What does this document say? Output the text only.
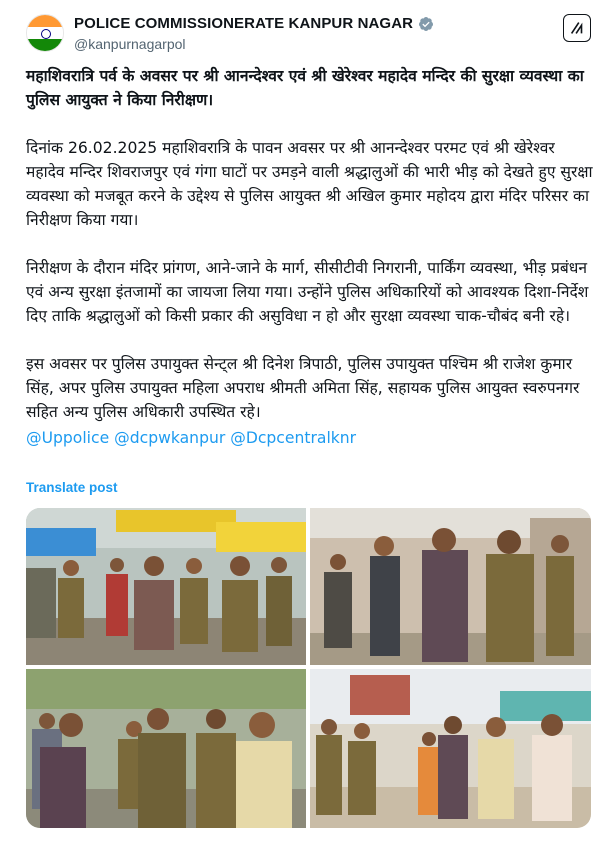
POLICE COMMISSIONERATE KANPUR NAGAR
@kanpurnagarpol

महाशिवरात्रि पर्व के अवसर पर श्री आनन्देश्वर एवं श्री खेरेश्वर महादेव मन्दिर की सुरक्षा व्यवस्था का पुलिस आयुक्त ने किया निरीक्षण।

दिनांक 26.02.2025 महाशिवरात्रि के पावन अवसर पर श्री आनन्देश्वर परमट एवं श्री खेरेश्वर महादेव मन्दिर शिवराजपुर एवं गंगा घाटों पर उमड़ने वाली श्रद्धालुओं की भारी भीड़ को देखते हुए सुरक्षा व्यवस्था को मजबूत करने के उद्देश्य से पुलिस आयुक्त श्री अखिल कुमार महोदय द्वारा मंदिर परिसर का निरीक्षण किया गया।

निरीक्षण के दौरान मंदिर प्रांगण, आने-जाने के मार्ग, सीसीटीवी निगरानी, पार्किंग व्यवस्था, भीड़ प्रबंधन एवं अन्य सुरक्षा इंतजामों का जायजा लिया गया। उन्होंने पुलिस अधिकारियों को आवश्यक दिशा-निर्देश दिए ताकि श्रद्धालुओं को किसी प्रकार की असुविधा न हो और सुरक्षा व्यवस्था चाक-चौबंद बनी रहे।

इस अवसर पर पुलिस उपायुक्त सेन्ट्ल श्री दिनेश त्रिपाठी, पुलिस उपायुक्त पश्चिम श्री राजेश कुमार सिंह, अपर पुलिस उपायुक्त महिला अपराध श्रीमती अमिता सिंह, सहायक पुलिस आयुक्त स्वरुपनगर सहित अन्य पुलिस अधिकारी उपस्थित रहे।

@Uppolice @dcpwkanpur @Dcpcentralknr
Translate post
